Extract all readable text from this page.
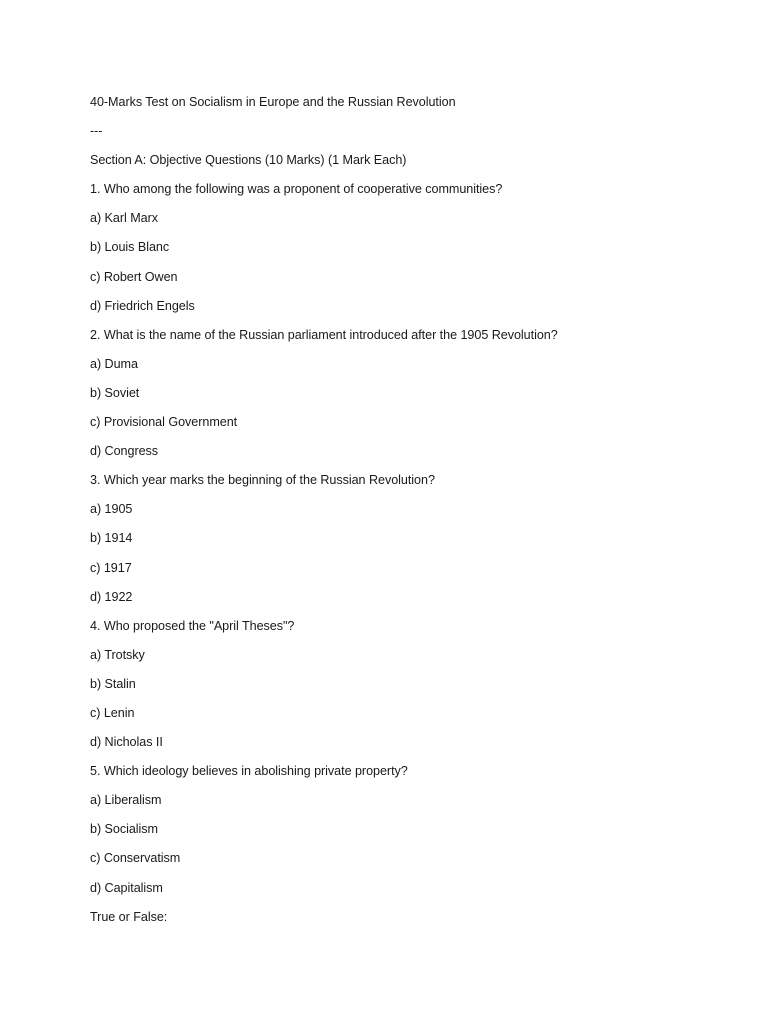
40-Marks Test on Socialism in Europe and the Russian Revolution
---
Section A: Objective Questions (10 Marks) (1 Mark Each)
1. Who among the following was a proponent of cooperative communities?
a) Karl Marx
b) Louis Blanc
c) Robert Owen
d) Friedrich Engels
2. What is the name of the Russian parliament introduced after the 1905 Revolution?
a) Duma
b) Soviet
c) Provisional Government
d) Congress
3. Which year marks the beginning of the Russian Revolution?
a) 1905
b) 1914
c) 1917
d) 1922
4. Who proposed the "April Theses"?
a) Trotsky
b) Stalin
c) Lenin
d) Nicholas II
5. Which ideology believes in abolishing private property?
a) Liberalism
b) Socialism
c) Conservatism
d) Capitalism
True or False:
